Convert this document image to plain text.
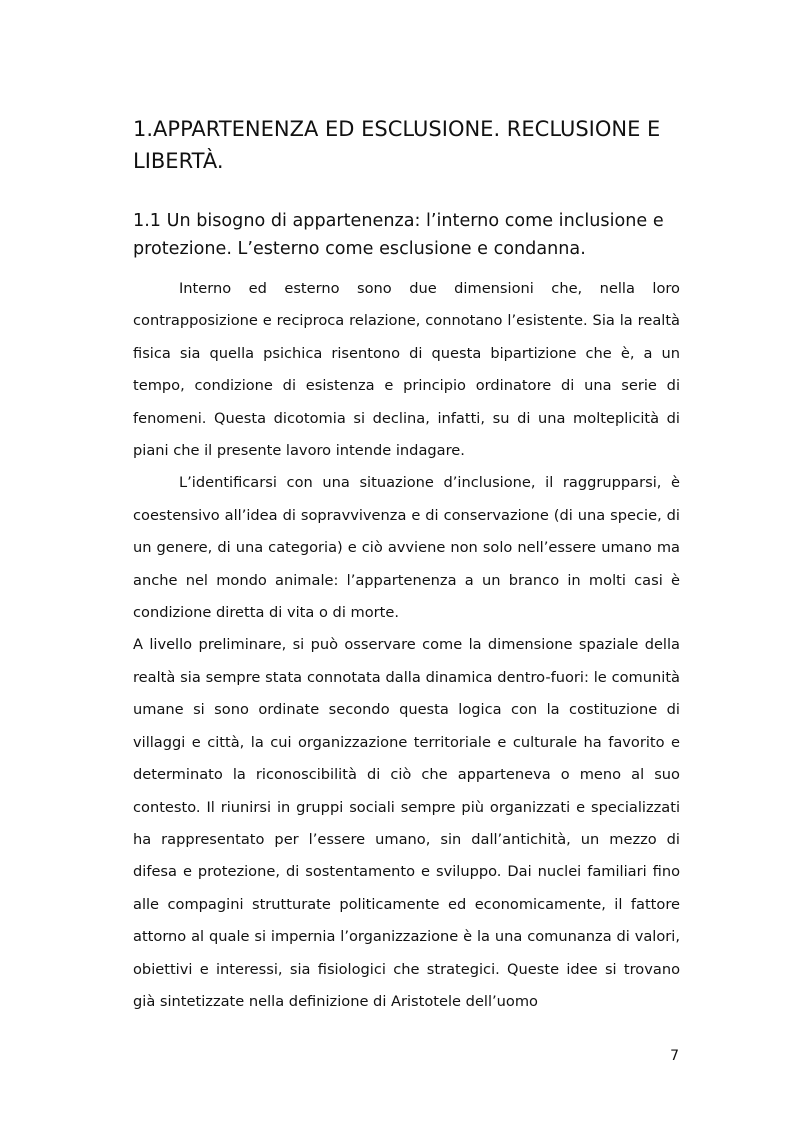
1.APPARTENENZA ED ESCLUSIONE. RECLUSIONE E LIBERTÀ.
1.1 Un bisogno di appartenenza: l’interno come inclusione e protezione. L’esterno come esclusione e condanna.

Interno ed esterno sono due dimensioni che, nella loro contrapposizione e reciproca relazione, connotano l’esistente. Sia la realtà fisica sia quella psichica risentono di questa bipartizione che è, a un tempo, condizione di esistenza e principio ordinatore di una serie di fenomeni. Questa dicotomia si declina, infatti, su di una molteplicità di piani che il presente lavoro intende indagare.

L’identificarsi con una situazione d’inclusione, il raggrupparsi, è coestensivo all’idea di sopravvivenza e di conservazione (di una specie, di un genere, di una categoria) e ciò avviene non solo nell’essere umano ma anche nel mondo animale: l’appartenenza a un branco in molti casi è condizione diretta di vita o di morte.

A livello preliminare, si può osservare come la dimensione spaziale della realtà sia sempre stata connotata dalla dinamica dentro-fuori: le comunità umane si sono ordinate secondo questa logica con la costituzione di villaggi e città, la cui organizzazione territoriale e culturale ha favorito e determinato la riconoscibilità di ciò che apparteneva o meno al suo contesto. Il riunirsi in gruppi sociali sempre più organizzati e specializzati ha rappresentato per l’essere umano, sin dall’antichità, un mezzo di difesa e protezione, di sostentamento e sviluppo. Dai nuclei familiari fino alle compagini strutturate politicamente ed economicamente, il fattore attorno al quale si impernia l’organizzazione è la una comunanza di valori, obiettivi e interessi, sia fisiologici che strategici. Queste idee si trovano già sintetizzate nella definizione di Aristotele dell’uomo

7
